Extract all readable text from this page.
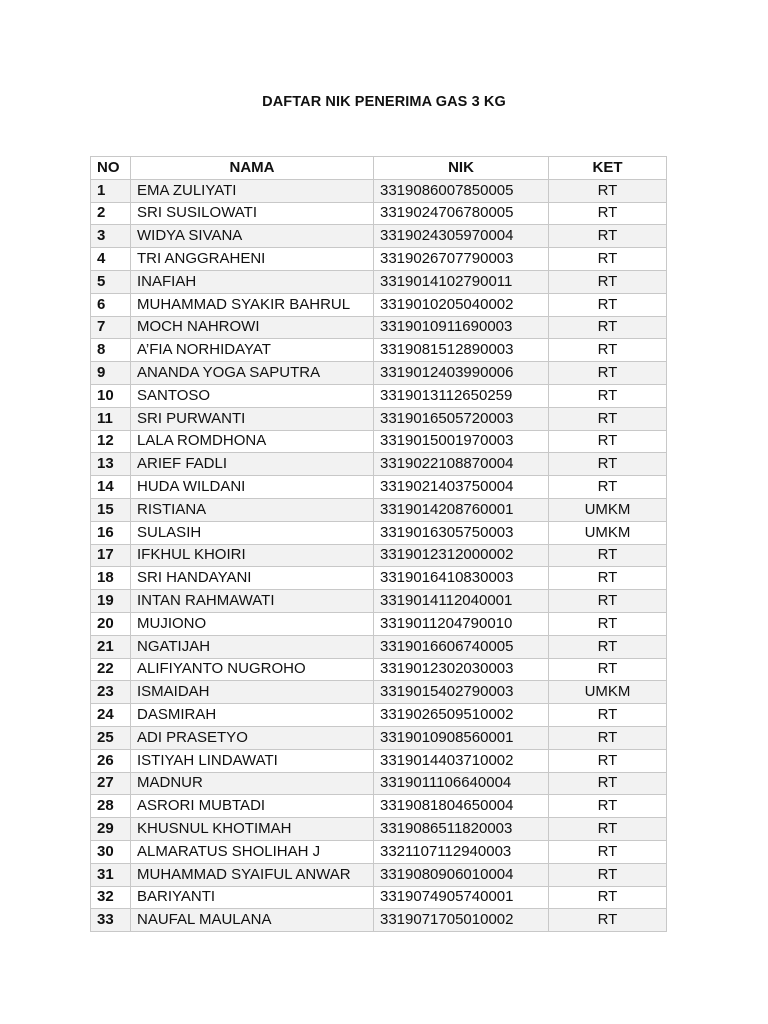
DAFTAR NIK PENERIMA GAS 3 KG
NO	NAMA	NIK	KET
1	EMA ZULIYATI	3319086007850005	RT
2	SRI SUSILOWATI	3319024706780005	RT
3	WIDYA SIVANA	3319024305970004	RT
4	TRI ANGGRAHENI	3319026707790003	RT
5	INAFIAH	3319014102790011	RT
6	MUHAMMAD SYAKIR BAHRUL	3319010205040002	RT
7	MOCH NAHROWI	3319010911690003	RT
8	A’FIA NORHIDAYAT	3319081512890003	RT
9	ANANDA YOGA SAPUTRA	3319012403990006	RT
10	SANTOSO	3319013112650259	RT
11	SRI PURWANTI	3319016505720003	RT
12	LALA ROMDHONA	3319015001970003	RT
13	ARIEF FADLI	3319022108870004	RT
14	HUDA WILDANI	3319021403750004	RT
15	RISTIANA	3319014208760001	UMKM
16	SULASIH	3319016305750003	UMKM
17	IFKHUL KHOIRI	3319012312000002	RT
18	SRI HANDAYANI	3319016410830003	RT
19	INTAN RAHMAWATI	3319014112040001	RT
20	MUJIONO	3319011204790010	RT
21	NGATIJAH	3319016606740005	RT
22	ALIFIYANTO NUGROHO	3319012302030003	RT
23	ISMAIDAH	3319015402790003	UMKM
24	DASMIRAH	3319026509510002	RT
25	ADI PRASETYO	3319010908560001	RT
26	ISTIYAH LINDAWATI	3319014403710002	RT
27	MADNUR	3319011106640004	RT
28	ASRORI MUBTADI	3319081804650004	RT
29	KHUSNUL KHOTIMAH	3319086511820003	RT
30	ALMARATUS SHOLIHAH J	3321107112940003	RT
31	MUHAMMAD SYAIFUL ANWAR	3319080906010004	RT
32	BARIYANTI	3319074905740001	RT
33	NAUFAL MAULANA	3319071705010002	RT
